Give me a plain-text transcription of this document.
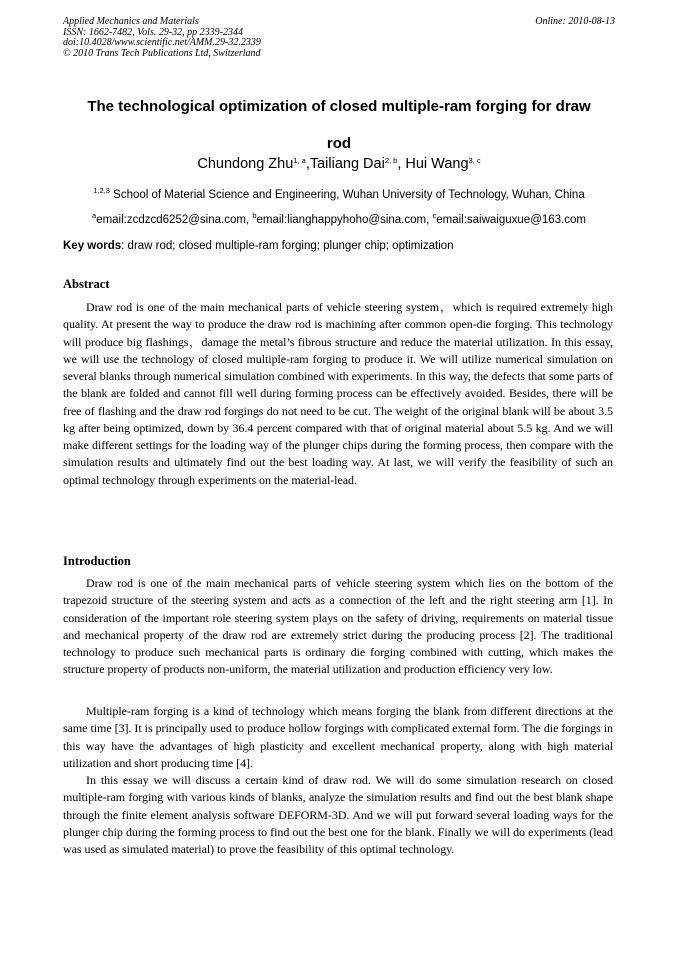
Applied Mechanics and Materials
ISSN: 1662-7482, Vols. 29-32, pp 2339-2344
doi:10.4028/www.scientific.net/AMM.29-32.2339
© 2010 Trans Tech Publications Ltd, Switzerland
Online: 2010-08-13
The technological optimization of closed multiple-ram forging for draw
rod
Chundong Zhu$^{1, a}$,Tailiang Dai$^{2, b}$, Hui Wang$^{3, c}$
$^{1,2,3}$ School of Material Science and Engineering, Wuhan University of Technology, Wuhan, China
$^a$email:zcdzcd6252@sina.com, $^b$email:lianghappyhoho@sina.com, $^c$email:saiwaiguxue@163.com
Key words: draw rod; closed multiple-ram forging; plunger chip; optimization
Abstract

Draw rod is one of the main mechanical parts of vehicle steering system，which is required extremely high quality. At present the way to produce the draw rod is machining after common open-die forging. This technology will produce big flashings，damage the metal’s fibrous structure and reduce the material utilization. In this essay, we will use the technology of closed multiple-ram forging to produce it. We will utilize numerical simulation on several blanks through numerical simulation combined with experiments. In this way, the defects that some parts of the blank are folded and cannot fill well during forming process can be effectively avoided. Besides, there will be free of flashing and the draw rod forgings do not need to be cut. The weight of the original blank will be about 3.5 kg after being optimized, down by 36.4 percent compared with that of original material about 5.5 kg. And we will make different settings for the loading way of the plunger chips during the forming process, then compare with the simulation results and ultimately find out the best loading way. At last, we will verify the feasibility of such an optimal technology through experiments on the material-lead.

Introduction

Draw rod is one of the main mechanical parts of vehicle steering system which lies on the bottom of the trapezoid structure of the steering system and acts as a connection of the left and the right steering arm [1]. In consideration of the important role steering system plays on the safety of driving, requirements on material tissue and mechanical property of the draw rod are extremely strict during the producing process [2]. The traditional technology to produce such mechanical parts is ordinary die forging combined with cutting, which makes the structure property of products non-uniform, the material utilization and production efficiency very low.

Multiple-ram forging is a kind of technology which means forging the blank from different directions at the same time [3]. It is principally used to produce hollow forgings with complicated external form. The die forgings in this way have the advantages of high plasticity and excellent mechanical property, along with high material utilization and short producing time [4].

In this essay we will discuss a certain kind of draw rod. We will do some simulation research on closed multiple-ram forging with various kinds of blanks, analyze the simulation results and find out the best blank shape through the finite element analysis software DEFORM-3D. And we will put forward several loading ways for the plunger chip during the forming process to find out the best one for the blank. Finally we will do experiments (lead was used as simulated material) to prove the feasibility of this optimal technology.
